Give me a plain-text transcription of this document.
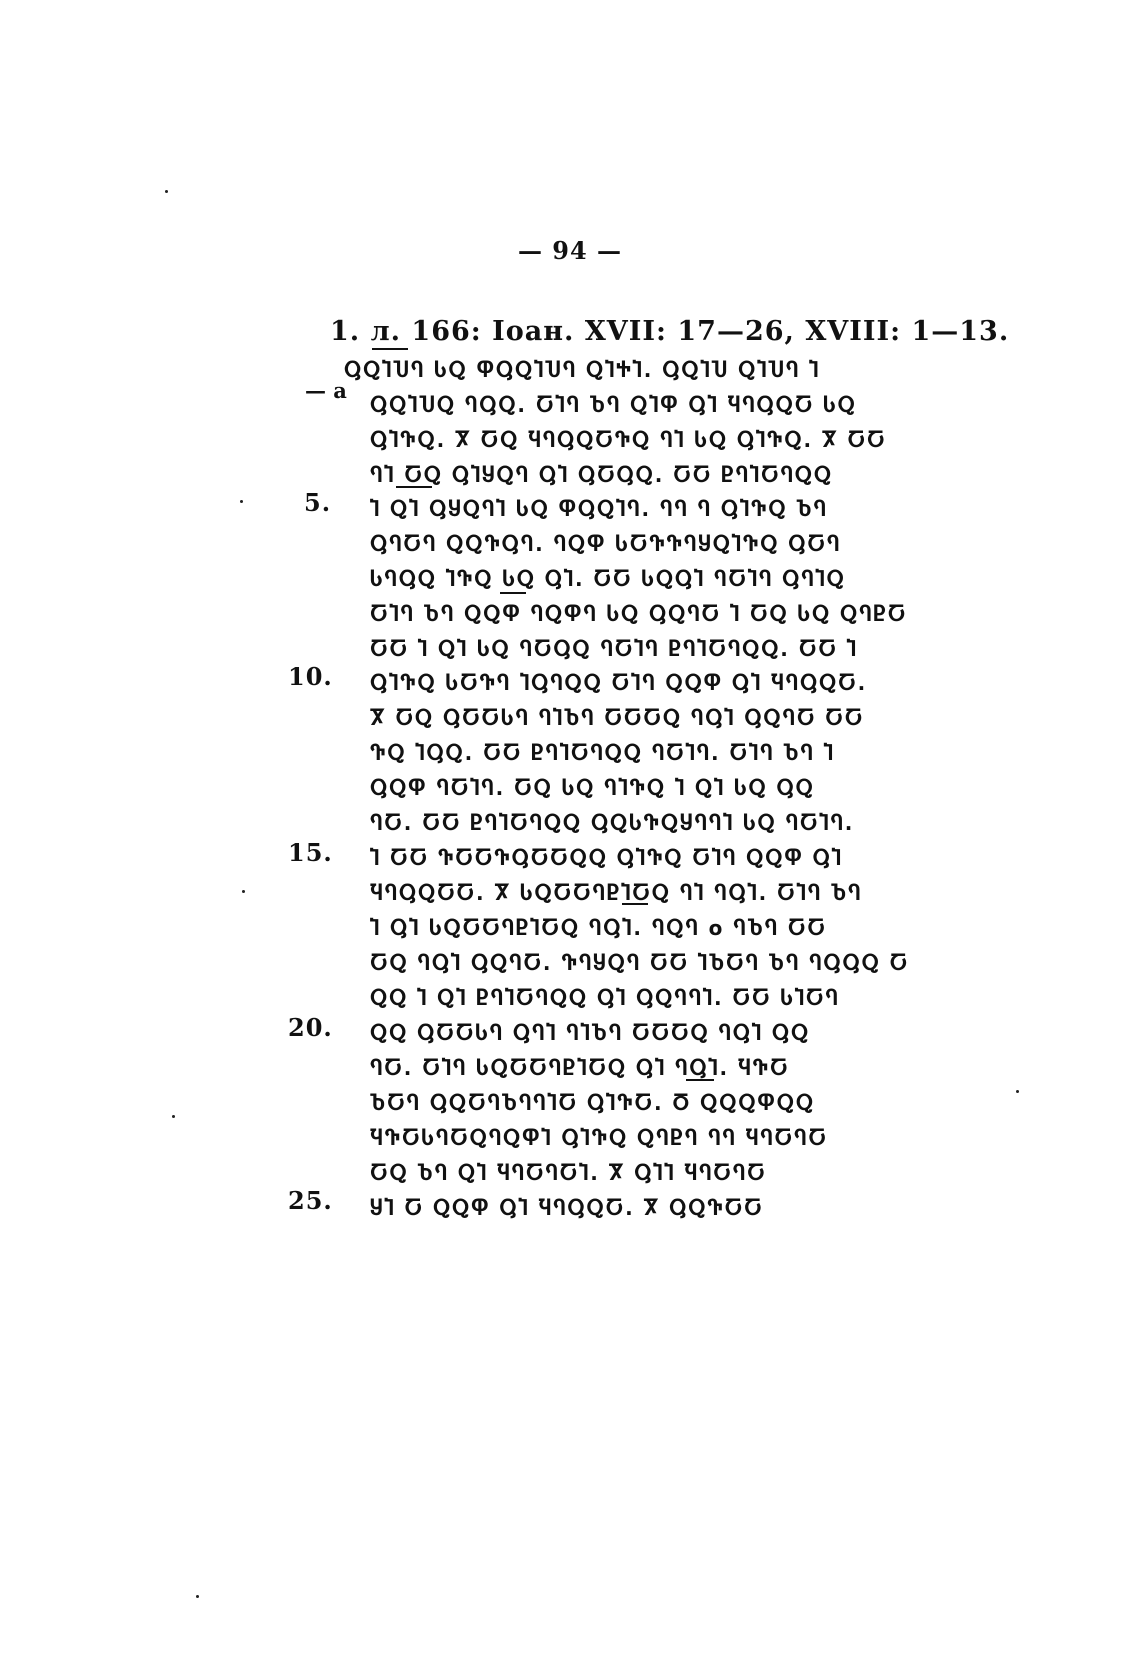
— 94 —
1. л. 166: Іоан. XVII: 17—26, XVIII: 1—13.
— а
5.
10.
15.
20.
25.
ႳႭႨႮႤ ႱႭ ႴႳႭႨႮႤ ႭႨႵႨ. ႳႭႨႮ ႭႨႮႤ Ⴈ
ႳႭႨႮႭ ႤႳႭ. ႠႨႤ ႦႤ ႭႨႴ ႳႨ ႯႤႳႭႠ ႱႭ
ႳႨႥႭ. Ⴟ ႠႭ ႯႤႳႭႠႥႭ ႤႨ ႱႭ ႳႨႥႭ. Ⴟ ႠႠ
ႤႨ ႠႭ ႳႨႸႭႤ ႳႨ ႳႠႳႭ. ႠႠ ႲႤႨႠႤႭႭ
Ⴈ ႭႨ ႳႸႭႤႨ ႱႭ ႴႳႭႨႤ. ႤႤ Ⴄ ႳႨႥႭ ႦႤ
ႳႤႠႤ ႭႭႥႳႤ. ႤႭႴ ႱႠႥႥႤႸႭႨႥႭ ႳႠႤ
ႱႤႳႭ ႨႥႭ ႱႭ ႳႨ. ႠႠ ႱႭႳႨ ႤႠႨႤ ႳႤႨႭ
ႠႨႤ ႦႤ ႭႭႴ ႤႭႴႤ ႱႭ ႳႭႤႠ Ⴈ ႠႭ ႱႭ ႭႤႲႠ
ႠႠ Ⴈ ႭႨ ႱႭ ႤႠႳႭ ႤႠႨႤ ႲႤႨႠႤႭႭ. ႠႠ Ⴈ
ႳႨႥႭ ႱႠႥႤ ႨႳႤႭႭ ႠႨႤ ႭႭႴ ႳႨ ႯႤႳႭႠ.
Ⴟ ႠႭ ႳႠႠႱႤ ႤႨႦႤ ႠႠႠႭ ႤႳႨ ႳႭႤႠ ႠႠ
ႥႭ ႨႳႭ. ႠႠ ႲႤႨႠႤႭႭ ႤႠႨႤ. ႠႨႤ ႦႤ Ⴈ
ႳႭႴ ႤႠႨႤ. ႠႭ ႱႭ ႤႨႥႭ Ⴈ ႭႨ ႱႭ ႳႭ
ႤႠ. ႠႠ ႲႤႨႠႤႭႭ ႳႭႱႥႭႸႤႤႨ ႱႭ ႤႠႨႤ.
Ⴈ ႠႠ ႥႠႠႥႳႠႠႭႭ ႳႨႥႭ ႠႨႤ ႭႭႴ ႳႨ
ႯႤႳႭႠႠ. Ⴟ ႱႭႠႠႤႲႨႠႭ ႤႨ ႤႳႨ. ႠႨႤ ႦႤ
Ⴈ ႳႨ ႱႭႠႠႤႲႨႠႭ ႤႳႨ. ႤႭႤ o ႤႦႤ ႠႠ
ႠႭ ႤႳႨ ႳႭႤႠ. ႥႤႸႭႤ ႠႠ ႨႦႠႤ ႦႤ ႤႳႳႭ Ⴀ
ႭႭ Ⴈ ႭႨ ႲႤႨႠႤႭႭ ႳႨ ႳႭႤႤႨ. ႠႠ ႱႨႠႤ
ႭႭ ႳႠႠႱႤ ႳႤႨ ႤႨႦႤ ႠႠႠႭ ႤႳႨ ႳႭ
ႤႠ. ႠႨႤ ႱႭႠႠႤႲႨႠႭ ႳႨ ႤႳႨ. ႯႥႠ
ႦႠႤ ႳႭႠႤႦႤႤႨႠ ႳႨႥႠ. Ⴃ ႭႭႭႴႭႭ
ႯႥႠႱႤႠႭႤႭႴႨ ႳႨႥႭ ႭႤႲႤ ႤႤ ႯႤႠႤႠ
ႠႭ ႦႤ ႭႨ ႯႤႠႤႠႨ. Ⴟ ႳႨႨ ႯႤႠႤႠ
ႸႨ Ⴀ ႭႭႴ ႳႨ ႯႤႳႭႠ. Ⴟ ႳႭႥႠႠ
